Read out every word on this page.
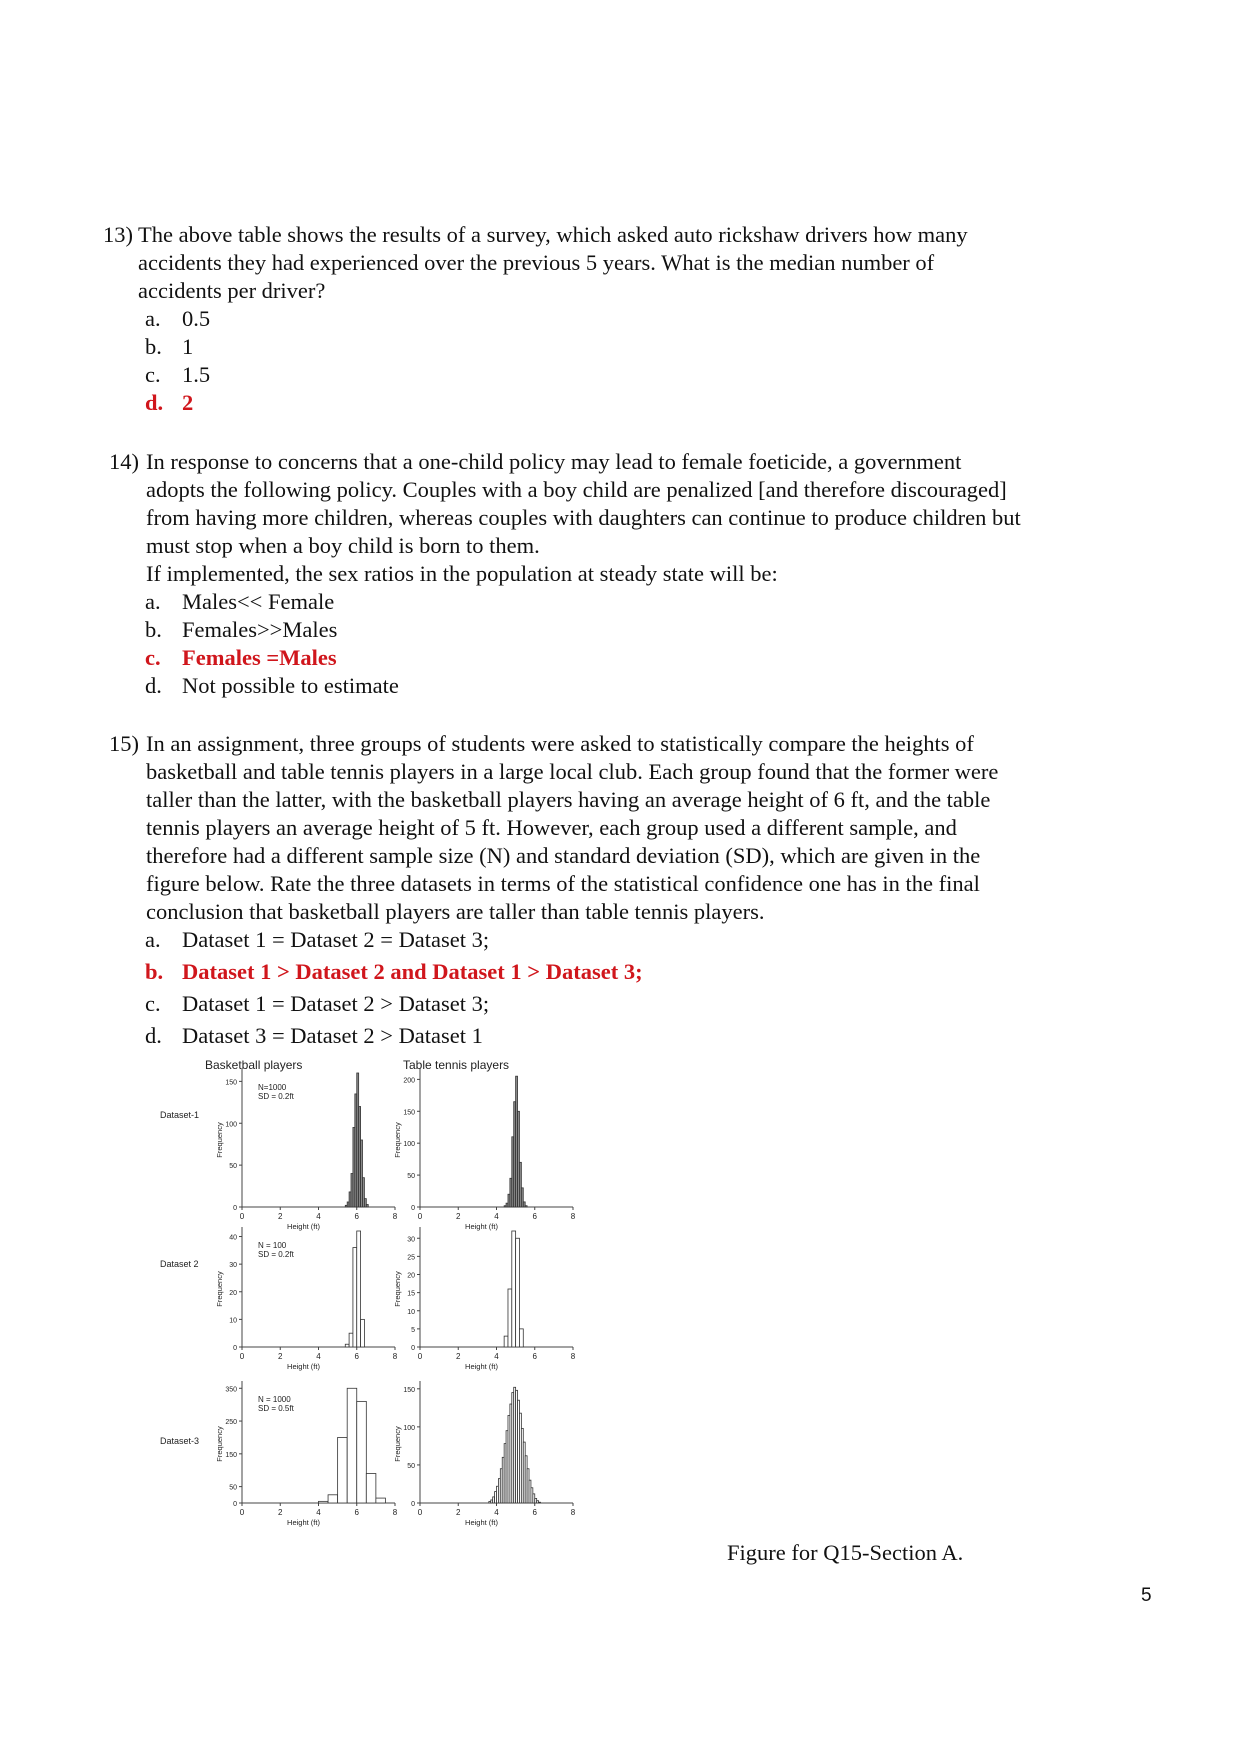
13) The above table shows the results of a survey, which asked auto rickshaw drivers how many
accidents they had experienced over the previous 5 years. What is the median number of
accidents per driver?
a. 0.5
b. 1
c. 1.5
d. 2
14) In response to concerns that a one-child policy may lead to female foeticide, a government
adopts the following policy. Couples with a boy child are penalized [and therefore discouraged]
from having more children, whereas couples with daughters can continue to produce children but
must stop when a boy child is born to them.
If implemented, the sex ratios in the population at steady state will be:
a. Males<< Female
b. Females>>Males
c. Females =Males
d. Not possible to estimate
15) In an assignment, three groups of students were asked to statistically compare the heights of
basketball and table tennis players in a large local club. Each group found that the former were
taller than the latter, with the basketball players having an average height of 6 ft, and the table
tennis players an average height of 5 ft. However, each group used a different sample, and
therefore had a different sample size (N) and standard deviation (SD), which are given in the
figure below. Rate the three datasets in terms of the statistical confidence one has in the final
conclusion that basketball players are taller than table tennis players.
a. Dataset 1 = Dataset 2 = Dataset 3;
b. Dataset 1 > Dataset 2 and Dataset 1 > Dataset 3;
c. Dataset 1 = Dataset 2 > Dataset 3;
d. Dataset 3 = Dataset 2 > Dataset 1
Basketball players	Table tennis players
Dataset-1
0
50
100
150
0	2	4	6	8
Height (ft)
Frequency
N=1000
SD = 0.2ft
0
50
100
150
200
0	2	4	6	8
Height (ft)
Frequency
Dataset 2
0
10
20
30
40
0	2	4	6	8
Height (ft)
Frequency
N = 100
SD = 0.2ft
0
5
10
15
20
25
30
0	2	4	6	8
Height (ft)
Frequency
Dataset-3
0
50
150
250
350
0	2	4	6	8
Height (ft)
Frequency
N = 1000
SD = 0.5ft
0
50
100
150
0	2	4	6	8
Height (ft)
Frequency
Figure for Q15-Section A.
5
